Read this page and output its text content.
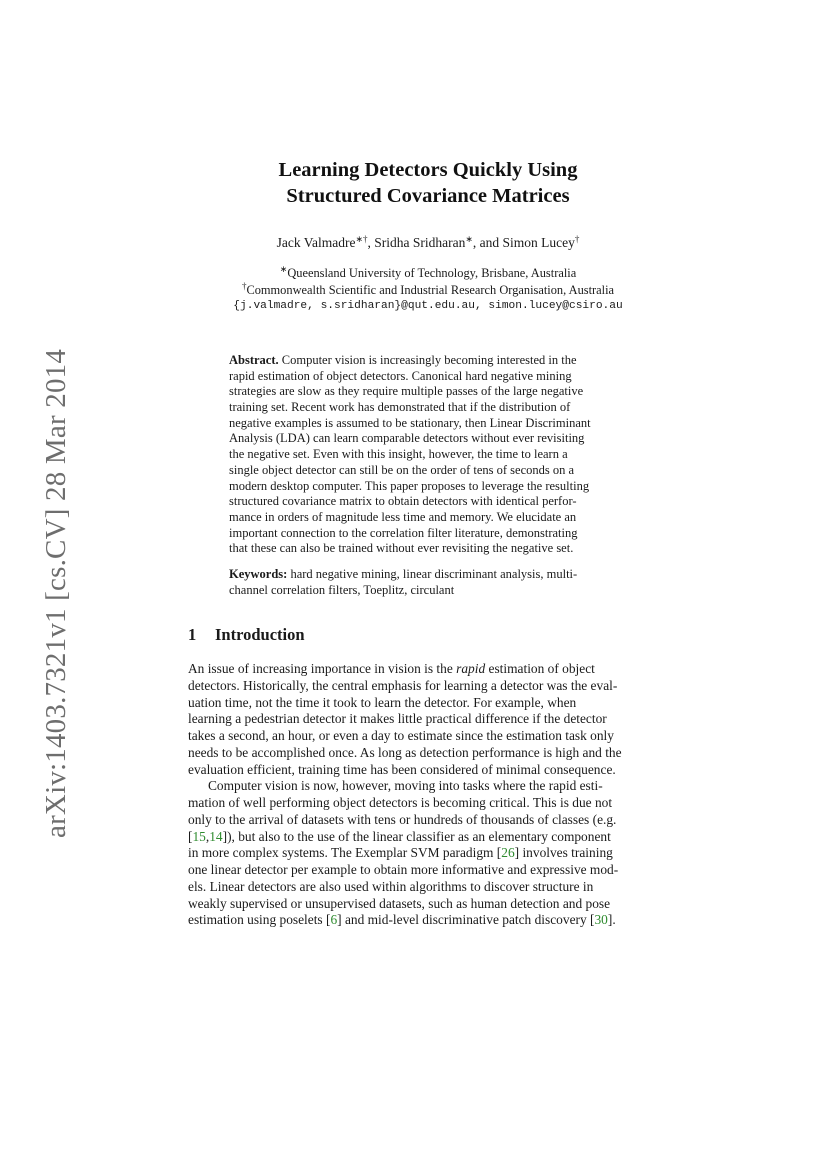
arXiv:1403.7321v1 [cs.CV] 28 Mar 2014
Learning Detectors Quickly Using
Structured Covariance Matrices
Jack Valmadre∗†, Sridha Sridharan∗, and Simon Lucey†
∗Queensland University of Technology, Brisbane, Australia
†Commonwealth Scientific and Industrial Research Organisation, Australia
{j.valmadre, s.sridharan}@qut.edu.au, simon.lucey@csiro.au
Abstract. Computer vision is increasingly becoming interested in the
rapid estimation of object detectors. Canonical hard negative mining
strategies are slow as they require multiple passes of the large negative
training set. Recent work has demonstrated that if the distribution of
negative examples is assumed to be stationary, then Linear Discriminant
Analysis (LDA) can learn comparable detectors without ever revisiting
the negative set. Even with this insight, however, the time to learn a
single object detector can still be on the order of tens of seconds on a
modern desktop computer. This paper proposes to leverage the resulting
structured covariance matrix to obtain detectors with identical perfor-
mance in orders of magnitude less time and memory. We elucidate an
important connection to the correlation filter literature, demonstrating
that these can also be trained without ever revisiting the negative set.
Keywords: hard negative mining, linear discriminant analysis, multi-
channel correlation filters, Toeplitz, circulant
1 Introduction
An issue of increasing importance in vision is the rapid estimation of object
detectors. Historically, the central emphasis for learning a detector was the eval-
uation time, not the time it took to learn the detector. For example, when
learning a pedestrian detector it makes little practical difference if the detector
takes a second, an hour, or even a day to estimate since the estimation task only
needs to be accomplished once. As long as detection performance is high and the
evaluation efficient, training time has been considered of minimal consequence.
Computer vision is now, however, moving into tasks where the rapid esti-
mation of well performing object detectors is becoming critical. This is due not
only to the arrival of datasets with tens or hundreds of thousands of classes (e.g.
[15,14]), but also to the use of the linear classifier as an elementary component
in more complex systems. The Exemplar SVM paradigm [26] involves training
one linear detector per example to obtain more informative and expressive mod-
els. Linear detectors are also used within algorithms to discover structure in
weakly supervised or unsupervised datasets, such as human detection and pose
estimation using poselets [6] and mid-level discriminative patch discovery [30].
